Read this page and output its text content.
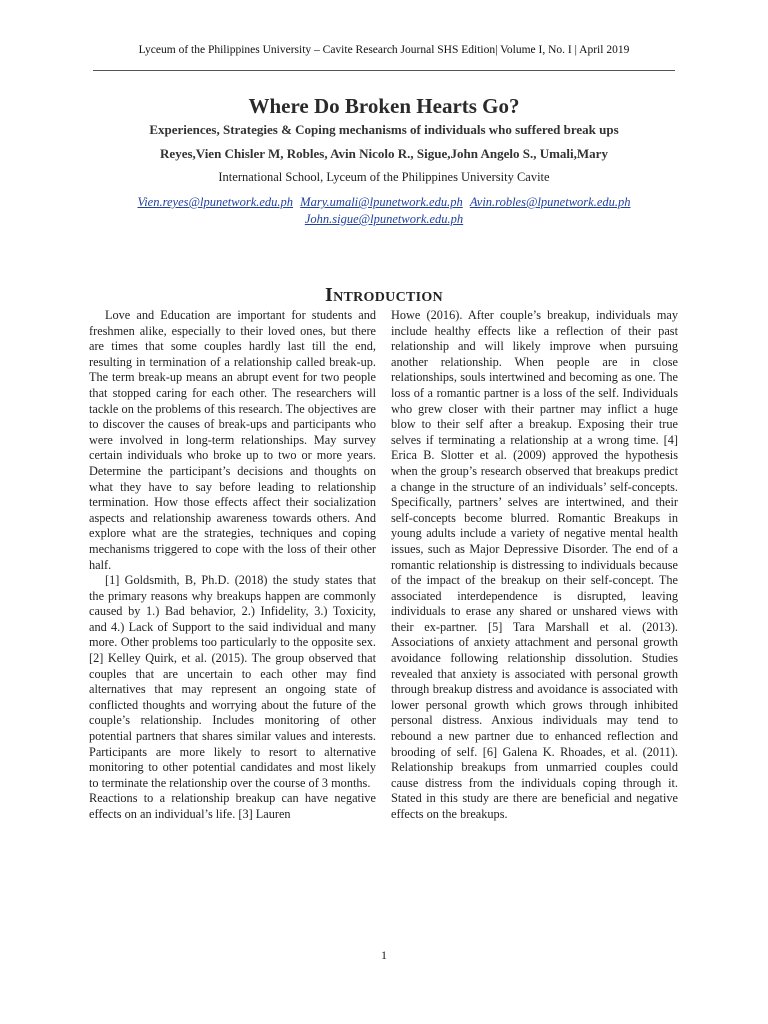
Lyceum of the Philippines University – Cavite Research Journal SHS Edition| Volume I, No. I | April 2019
Where Do Broken Hearts Go?
Experiences, Strategies & Coping mechanisms of individuals who suffered break ups
Reyes,Vien Chisler M, Robles, Avin Nicolo R., Sigue,John Angelo S., Umali,Mary
International School, Lyceum of the Philippines University Cavite
Vien.reyes@lpunetwork.edu.ph Mary.umali@lpunetwork.edu.ph Avin.robles@lpunetwork.edu.ph
John.sigue@lpunetwork.edu.ph
Introduction

Love and Education are important for students and freshmen alike, especially to their loved ones, but there are times that some couples hardly last till the end, resulting in termination of a relationship called break-up. The term break-up means an abrupt event for two people that stopped caring for each other. The researchers will tackle on the problems of this research. The objectives are to discover the causes of break-ups and participants who were involved in long-term relationships. May survey certain individuals who broke up to two or more years. Determine the participant’s decisions and thoughts on what they have to say before leading to relationship termination. How those effects affect their socialization aspects and relationship awareness towards others. And explore what are the strategies, techniques and coping mechanisms triggered to cope with the loss of their other half.

[1] Goldsmith, B, Ph.D. (2018) the study states that the primary reasons why breakups happen are commonly caused by 1.) Bad behavior, 2.) Infidelity, 3.) Toxicity, and 4.) Lack of Support to the said individual and many more. Other problems too particularly to the opposite sex. [2] Kelley Quirk, et al. (2015). The group observed that couples that are uncertain to each other may find alternatives that may represent an ongoing state of conflicted thoughts and worrying about the future of the couple’s relationship. Includes monitoring of other potential partners that shares similar values and interests. Participants are more likely to resort to alternative monitoring to other potential candidates and most likely to terminate the relationship over the course of 3 months.

Reactions to a relationship breakup can have negative effects on an individual’s life. [3] Lauren

Howe (2016). After couple’s breakup, individuals may include healthy effects like a reflection of their past relationship and will likely improve when pursuing another relationship. When people are in close relationships, souls intertwined and becoming as one. The loss of a romantic partner is a loss of the self. Individuals who grew closer with their partner may inflict a huge blow to their self after a breakup. Exposing their true selves if terminating a relationship at a wrong time. [4] Erica B. Slotter et al. (2009) approved the hypothesis when the group’s research observed that breakups predict a change in the structure of an individuals’ self-concepts. Specifically, partners’ selves are intertwined, and their self-concepts become blurred. Romantic Breakups in young adults include a variety of negative mental health issues, such as Major Depressive Disorder. The end of a romantic relationship is distressing to individuals because of the impact of the breakup on their self-concept. The associated interdependence is disrupted, leaving individuals to erase any shared or unshared views with their ex-partner. [5] Tara Marshall et al. (2013). Associations of anxiety attachment and personal growth avoidance following relationship dissolution. Studies revealed that anxiety is associated with personal growth through breakup distress and avoidance is associated with lower personal growth which grows through inhibited personal distress. Anxious individuals may tend to rebound a new partner due to enhanced reflection and brooding of self. [6] Galena K. Rhoades, et al. (2011). Relationship breakups from unmarried couples could cause distress from the individuals coping through it. Stated in this study are there are beneficial and negative effects on the breakups.

1
